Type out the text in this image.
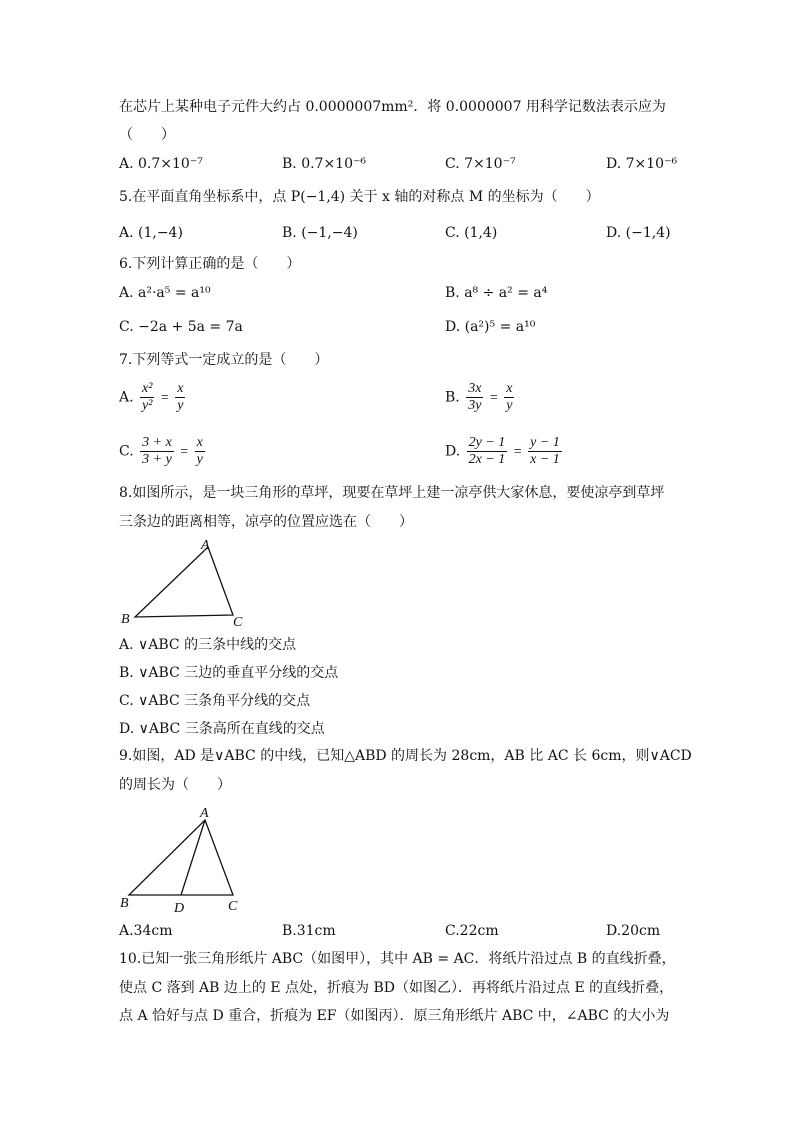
在芯片上某种电子元件大约占 0.0000007mm²．将 0.0000007 用科学记数法表示应为
（　　）
A. 0.7×10⁻⁷	B. 0.7×10⁻⁶	C. 7×10⁻⁷	D. 7×10⁻⁶
5.在平面直角坐标系中，点 P(−1,4) 关于 x 轴的对称点 M 的坐标为（　　）
A. (1,−4)	B. (−1,−4)	C. (1,4)	D. (−1,4)
6.下列计算正确的是（　　）
A. a²·a⁵ = a¹⁰	B. a⁸ ÷ a² = a⁴
C. −2a + 5a = 7a	D. (a²)⁵ = a¹⁰
7.下列等式一定成立的是（　　）
A. $\frac{\text{x²}}{\text{y²}} = \frac{x}{y}$	B. $\frac{3x}{3y} = \frac{x}{y}$
C. $\frac{3 + x}{3 + y} = \frac{x}{y}$	D. $\frac{2y - 1}{2x - 1} = \frac{y - 1}{x - 1}$
8.如图所示，是一块三角形的草坪，现要在草坪上建一凉亭供大家休息，要使凉亭到草坪
三条边的距离相等，凉亭的位置应选在（　　）
A
B	C
A. ∨ABC 的三条中线的交点
B. ∨ABC 三边的垂直平分线的交点
C. ∨ABC 三条角平分线的交点
D. ∨ABC 三条高所在直线的交点
9.如图，AD 是∨ABC 的中线，已知△ABD 的周长为 28cm，AB 比 AC 长 6cm，则∨ACD
的周长为（　　）
A
B	C
D
A.34cm	B.31cm	C.22cm	D.20cm
10.已知一张三角形纸片 ABC（如图甲），其中 AB = AC．将纸片沿过点 B 的直线折叠，
使点 C 落到 AB 边上的 E 点处，折痕为 BD（如图乙）．再将纸片沿过点 E 的直线折叠，
点 A 恰好与点 D 重合，折痕为 EF（如图丙）．原三角形纸片 ABC 中，∠ABC 的大小为
